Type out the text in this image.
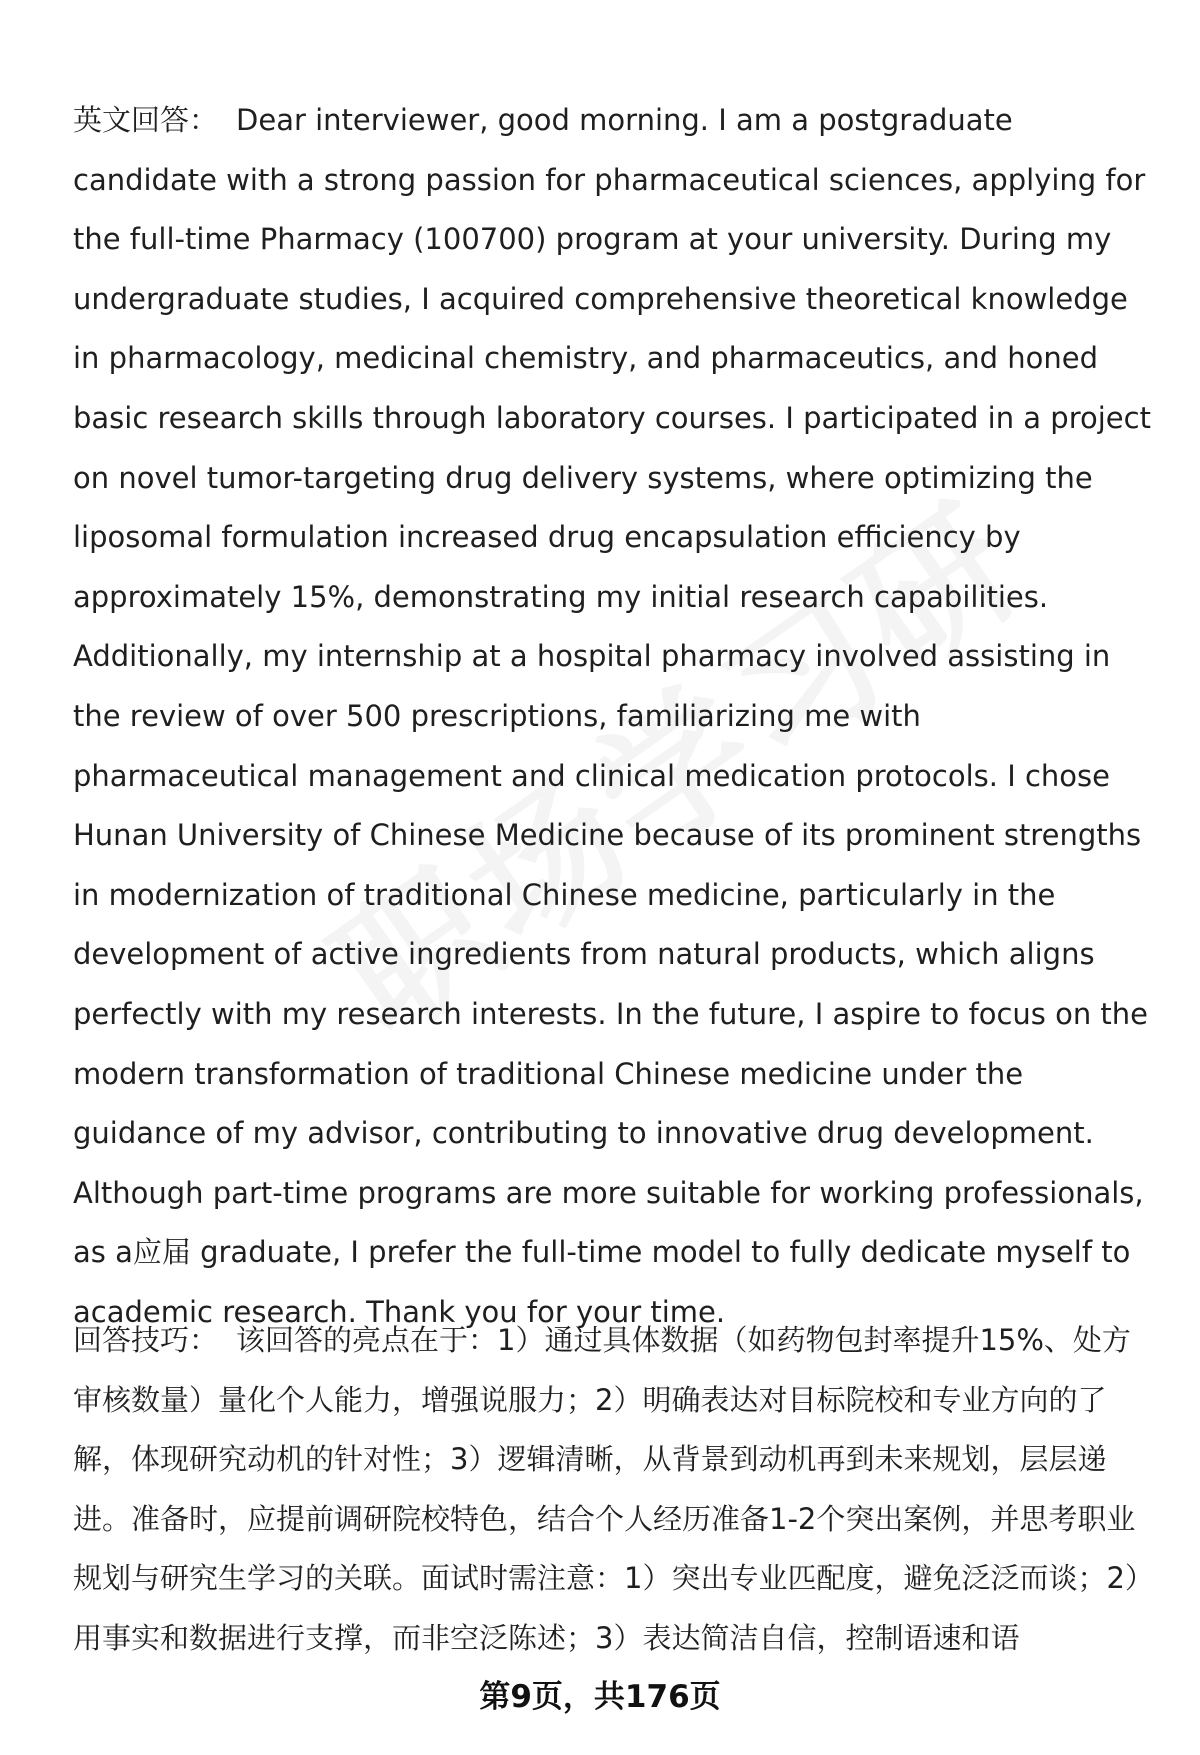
英文回答： Dear interviewer, good morning. I am a postgraduate candidate with a strong passion for pharmaceutical sciences, applying for the full-time Pharmacy (100700) program at your university. During my undergraduate studies, I acquired comprehensive theoretical knowledge in pharmacology, medicinal chemistry, and pharmaceutics, and honed basic research skills through laboratory courses. I participated in a project on novel tumor-targeting drug delivery systems, where optimizing the liposomal formulation increased drug encapsulation efficiency by approximately 15%, demonstrating my initial research capabilities. Additionally, my internship at a hospital pharmacy involved assisting in the review of over 500 prescriptions, familiarizing me with pharmaceutical management and clinical medication protocols. I chose Hunan University of Chinese Medicine because of its prominent strengths in modernization of traditional Chinese medicine, particularly in the development of active ingredients from natural products, which aligns perfectly with my research interests. In the future, I aspire to focus on the modern transformation of traditional Chinese medicine under the guidance of my advisor, contributing to innovative drug development. Although part-time programs are more suitable for working professionals, as a应届 graduate, I prefer the full-time model to fully dedicate myself to academic research. Thank you for your time.
回答技巧： 该回答的亮点在于：1）通过具体数据（如药物包封率提升15%、处方审核数量）量化个人能力，增强说服力；2）明确表达对目标院校和专业方向的了解，体现研究动机的针对性；3）逻辑清晰，从背景到动机再到未来规划，层层递进。准备时，应提前调研院校特色，结合个人经历准备1-2个突出案例，并思考职业规划与研究生学习的关联。面试时需注意：1）突出专业匹配度，避免泛泛而谈；2）用事实和数据进行支撑，而非空泛陈述；3）表达简洁自信，控制语速和语
第9页，共176页
